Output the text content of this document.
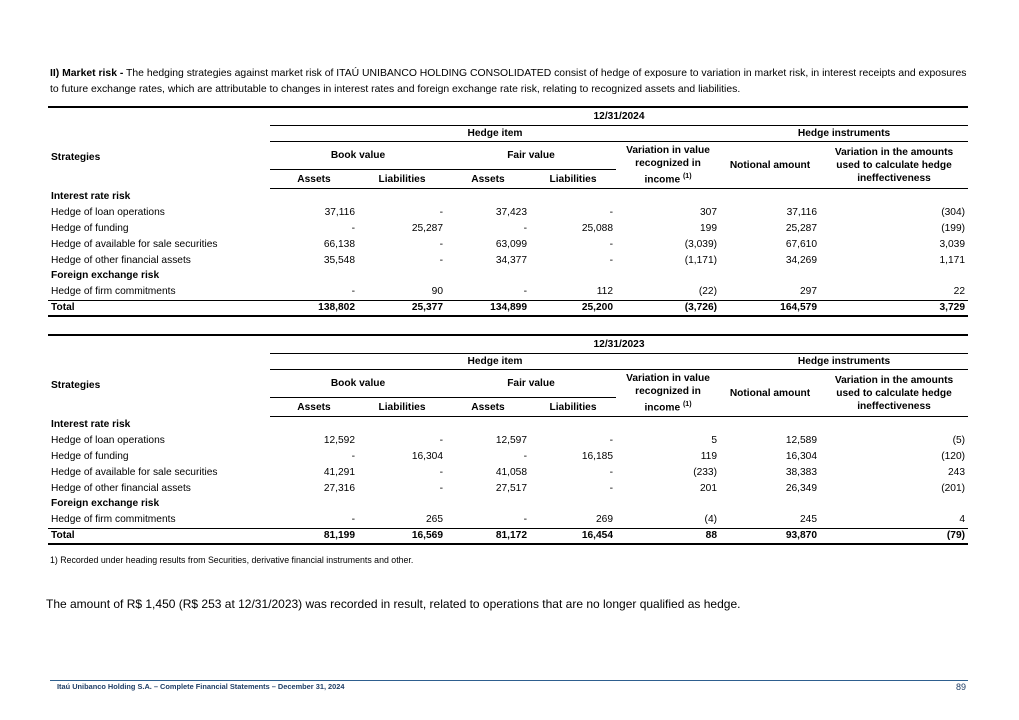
II) Market risk - The hedging strategies against market risk of ITAÚ UNIBANCO HOLDING CONSOLIDATED consist of hedge of exposure to variation in market risk, in interest receipts and exposures to future exchange rates, which are attributable to changes in interest rates and foreign exchange rate risk, relating to recognized assets and liabilities.
	12/31/2024						
Strategies	Hedge item					Hedge instruments	
	Book value		Fair value		Variation in value recognized in income $^{(1)}$	Notional amount	Variation in the amounts used to calculate hedge ineffectiveness
	Assets	Liabilities	Assets	Liabilities			
Interest rate risk							
Hedge of loan operations	37,116	-	37,423	-	307	37,116	(304)
Hedge of funding	-	25,287	-	25,088	199	25,287	(199)
Hedge of available for sale securities	66,138	-	63,099	-	(3,039)	67,610	3,039
Hedge of other financial assets	35,548	-	34,377	-	(1,171)	34,269	1,171
Foreign exchange risk							
Hedge of firm commitments	-	90	-	112	(22)	297	22
Total	138,802	25,377	134,899	25,200	(3,726)	164,579	3,729
	12/31/2023						
Strategies	Hedge item					Hedge instruments	
	Book value		Fair value		Variation in value recognized in income $^{(1)}$	Notional amount	Variation in the amounts used to calculate hedge ineffectiveness
	Assets	Liabilities	Assets	Liabilities			
Interest rate risk							
Hedge of loan operations	12,592	-	12,597	-	5	12,589	(5)
Hedge of funding	-	16,304	-	16,185	119	16,304	(120)
Hedge of available for sale securities	41,291	-	41,058	-	(233)	38,383	243
Hedge of other financial assets	27,316	-	27,517	-	201	26,349	(201)
Foreign exchange risk							
Hedge of firm commitments	-	265	-	269	(4)	245	4
Total	81,199	16,569	81,172	16,454	88	93,870	(79)
1) Recorded under heading results from Securities, derivative financial instruments and other.
The amount of R$ 1,450 (R$ 253 at 12/31/2023) was recorded in result, related to operations that are no longer qualified as hedge.
Itaú Unibanco Holding S.A. – Complete Financial Statements – December 31, 2024	89
